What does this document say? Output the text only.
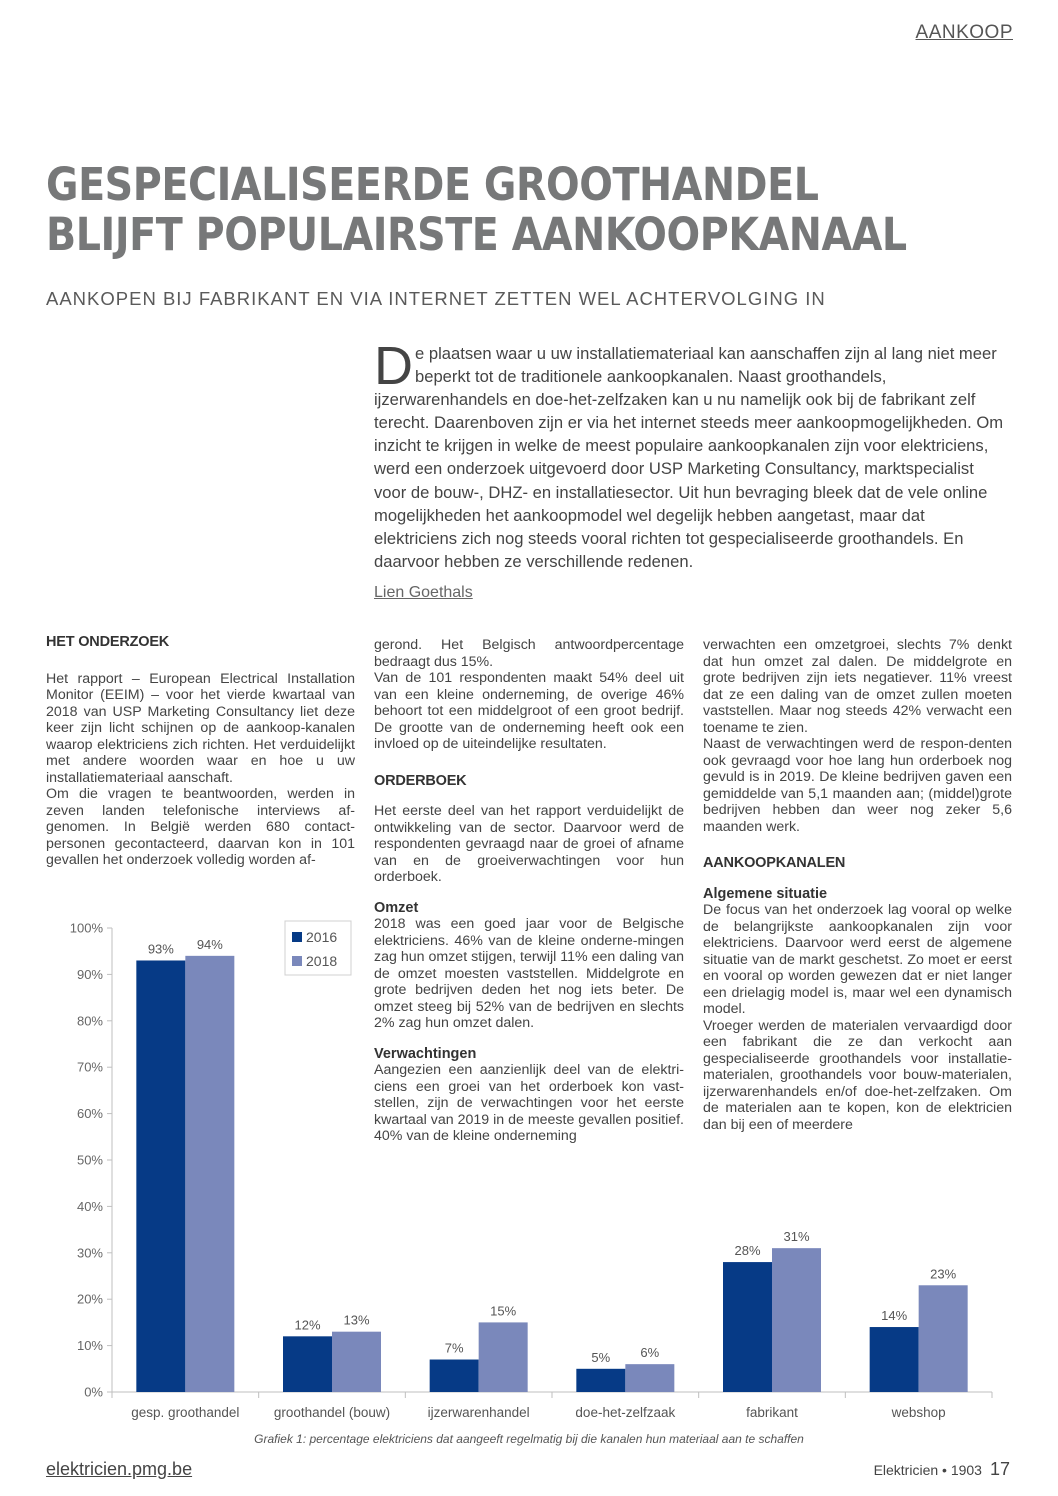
AANKOOP
GESPECIALISEERDE GROOTHANDEL
BLIJFT POPULAIRSTE AANKOOPKANAAL
AANKOPEN BIJ FABRIKANT EN VIA INTERNET ZETTEN WEL ACHTERVOLGING IN
De plaatsen waar u uw installatiemateriaal kan aanschaffen zijn al lang niet meer beperkt tot de traditionele aankoopkanalen. Naast groothandels, ijzerwarenhandels en doe-het-zelfzaken kan u nu namelijk ook bij de fabrikant zelf terecht. Daarenboven zijn er via het internet steeds meer aankoopmogelijkheden. Om inzicht te krijgen in welke de meest populaire aankoopkanalen zijn voor elektriciens, werd een onderzoek uitgevoerd door USP Marketing Consultancy, marktspecialist voor de bouw-, DHZ- en installatiesector. Uit hun bevraging bleek dat de vele online mogelijkheden het aankoopmodel wel degelijk hebben aangetast, maar dat elektriciens zich nog steeds vooral richten tot gespecialiseerde groothandels. En daarvoor hebben ze verschillende redenen.
Lien Goethals
HET ONDERZOEK

Het rapport – European Electrical Installation Monitor (EEIM) – voor het vierde kwartaal van 2018 van USP Marketing Consultancy liet deze keer zijn licht schijnen op de aankoop-kanalen waarop elektriciens zich richten. Het verduidelijkt met andere woorden waar en hoe u uw installatiemateriaal aanschaft.

Om die vragen te beantwoorden, werden in zeven landen telefonische interviews af-genomen. In België werden 680 contact-personen gecontacteerd, daarvan kon in 101 gevallen het onderzoek volledig worden af-

gerond. Het Belgisch antwoordpercentage bedraagt dus 15%.

Van de 101 respondenten maakt 54% deel uit van een kleine onderneming, de overige 46% behoort tot een middelgroot of een groot bedrijf. De grootte van de onderneming heeft ook een invloed op de uiteindelijke resultaten.

ORDERBOEK

Het eerste deel van het rapport verduidelijkt de ontwikkeling van de sector. Daarvoor werd de respondenten gevraagd naar de groei of afname van en de groeiverwachtingen voor hun orderboek.

Omzet

2018 was een goed jaar voor de Belgische elektriciens. 46% van de kleine onderne-mingen zag hun omzet stijgen, terwijl 11% een daling van de omzet moesten vaststellen. Middelgrote en grote bedrijven deden het nog iets beter. De omzet steeg bij 52% van de bedrijven en slechts 2% zag hun omzet dalen.

Verwachtingen

Aangezien een aanzienlijk deel van de elektri-ciens een groei van het orderboek kon vast-stellen, zijn de verwachtingen voor het eerste kwartaal van 2019 in de meeste gevallen positief. 40% van de kleine onderneming

verwachten een omzetgroei, slechts 7% denkt dat hun omzet zal dalen. De middelgrote en grote bedrijven zijn iets negatiever. 11% vreest dat ze een daling van de omzet zullen moeten vaststellen. Maar nog steeds 42% verwacht een toename te zien.

Naast de verwachtingen werd de respon-denten ook gevraagd voor hoe lang hun orderboek nog gevuld is in 2019. De kleine bedrijven gaven een gemiddelde van 5,1 maanden aan; (middel)grote bedrijven hebben dan weer nog zeker 5,6 maanden werk.

AANKOOPKANALEN
Algemene situatie

De focus van het onderzoek lag vooral op welke de belangrijkste aankoopkanalen zijn voor elektriciens. Daarvoor werd eerst de algemene situatie van de markt geschetst. Zo moet er eerst en vooral op worden gewezen dat er niet langer een drielagig model is, maar wel een dynamisch model.

Vroeger werden de materialen vervaardigd door een fabrikant die ze dan verkocht aan gespecialiseerde groothandels voor installatie-materialen, groothandels voor bouw-materialen, ijzerwarenhandels en/of doe-het-zelfzaken. Om de materialen aan te kopen, kon de elektricien dan bij een of meerdere

0%
10%
20%
30%
40%
50%
60%
70%
80%
90%
100%
93% 94%
gesp. groothandel
12% 13%
groothandel (bouw)
7%
15%
ijzerwarenhandel
5% 6%
doe-het-zelfzaak
28%
31%
fabrikant
14%
23%
webshop
2016
2018
Grafiek 1: percentage elektriciens dat aangeeft regelmatig bij die kanalen hun materiaal aan te schaffen
elektricien.pmg.be	Elektricien • 1903 17
